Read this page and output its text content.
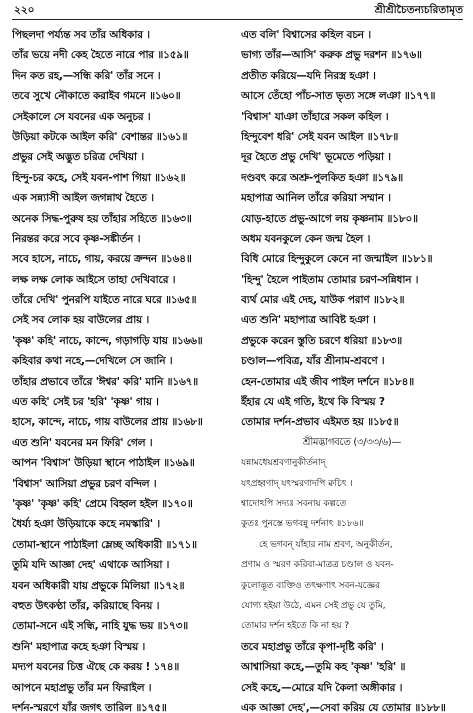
২২০	শ্রীশ্রীচৈতন্যচরিতামৃত
পিছলদা পর্য্যন্ত সব তাঁর অধিকার ।
তাঁর ভয়ে নদী কেহ হৈতে নারে পার ॥১৫৯॥
দিন কত রহ,—সন্ধি করি' তাঁর সনে ।
তবে সুখে নৌকাতে করাইব গমনে ॥১৬০॥
সেইকালে সে যবনের এক অনুচর ।
উড়িয়া কটকে আইল করি' বেশান্তর ॥১৬১॥
প্রভুর সেই অদ্ভুত চরিত্র দেখিয়া ।
হিন্দু-চর কহে, সেই যবন-পাশ গিয়া ॥১৬২॥
এক সন্ন্যাসী আইল জগন্নাথ হৈতে ।
অনেক সিদ্ধ-পুরুষ হয় তাঁহার সহিতে ॥১৬৩॥
নিরন্তর করে সবে কৃষ্ণ-সঙ্কীর্তন ।
সবে হাসে, নাচে, গায়, করয়ে ক্রন্দন ॥১৬৪॥
লক্ষ লক্ষ লোক আইসে তাহা দেখিবারে ।
তাঁরে দেখি' পুনরপি যাইতে নারে ঘরে ॥১৬৫॥
সেই সব লোক হয় বাউলের প্রায় ।
'কৃষ্ণ' কহি' নাচে, কান্দে, গড়াগড়ি যায় ॥১৬৬॥
কহিবার কথা নহে,—দেখিলে সে জানি ।
তাঁহার প্রভাবে তাঁরে 'ঈশ্বর' করি' মানি ॥১৬৭॥
এত কহি' সেই চর 'হরি' 'কৃষ্ণ' গায় ।
হাসে, কান্দে, নাচে, গায় বাউলের প্রায় ॥১৬৮॥
এত শুনি' যবনের মন ফিরি' গেল ।
আপন 'বিশ্বাস' উড়িয়া স্থানে পাঠাইল ॥১৬৯॥
'বিশ্বাস' আসিয়া প্রভুর চরণ বন্দিল ।
'কৃষ্ণ' 'কৃষ্ণ' কহি' প্রেমে বিহ্বল হইল ॥১৭০॥
ধৈর্য্য হঞা উড়িয়াকে কহে নমস্কারি' ।
তোমা-স্থানে পাঠাইলা ম্লেচ্ছ অধিকারী ॥১৭১॥
তুমি যদি আজ্ঞা দেহ' এথাকে আসিয়া ।
যবন অধিকারী যায় প্রভুকে মিলিয়া ॥১৭২॥
বহুত উৎকণ্ঠা তাঁর, করিয়াছে বিনয় ।
তোমা-সনে এই সন্ধি, নাহি যুদ্ধ ভয় ॥১৭৩॥
শুনি' মহাপাত্র কহে হঞা বিস্ময় ।
মদ্যপ যবনের চিত্ত ঐছে কে করয় ! ১৭৪॥
আপনে মহাপ্রভু তাঁর মন ফিরাইল ।
দর্শন-স্মরণে যাঁর জগৎ তারিল ॥১৭৫॥
এত বলি' বিশ্বাসের কহিল বচন ।
ভাগ্য তাঁর—আসি' করুক প্রভু দরশন ॥১৭৬॥
প্রতীত করিয়ে—যদি নিরস্ত্র হঞা ।
আসে তেঁহো পাঁচ-সাত ভৃত্য সঙ্গে লঞা ॥১৭৭॥
'বিশ্বাস' যাঞা তাঁহারে সকল কহিল ।
হিন্দুবেশ ধরি' সেই যবন আইল ॥১৭৮॥
দূর হৈতে প্রভু দেখি' ভূমেতে পড়িয়া ।
দণ্ডবৎ করে অশ্রু-পুলকিত হঞা ॥১৭৯॥
মহাপাত্র আনিল তাঁরে করিয়া সম্মান ।
যোড়-হাতে প্রভু-আগে লয় কৃষ্ণনাম ॥১৮০॥
অধম যবনকুলে কেন জন্ম হৈল ।
বিধি মোরে হিন্দুকুলে কেনে না জন্মাইল ॥১৮১॥
'হিন্দু' হৈলে পাইতাম তোমার চরণ-সন্নিধান ।
ব্যর্থ মোর এই দেহ, যাউক পরাণ ॥১৮২॥
এত শুনি' মহাপাত্র আবিষ্ট হঞা ।
প্রভুকে করেন স্তুতি চরণে ধরিয়া ॥১৮৩॥
চণ্ডাল—পবিত্র, যাঁর শ্রীনাম-শ্রবণে ।
হেন-তোমার এই জীব পাইল দর্শনে ॥১৮৪॥
ইঁহার যে এই গতি, ইথে কি বিস্ময় ?
তোমার দর্শন-প্রভাব এইমত হয় ॥১৮৫॥
শ্রীমদ্ভাগবতে (৩/৩৩/৬)—
যন্নামধেয়শ্রবণানুকীর্তনাদ্
যৎপ্রহ্বণাদ্ যৎস্মরণাদপি ক্বচিৎ ।
শ্বাদোঽপি সদ্যঃ সবনায় কল্পতে
কুতঃ পুনস্তে ভগবন্নু দর্শনাৎ ॥১৮৬॥
হে ভগবন্ যাঁহার নাম শ্রবণ, অনুকীর্তন,
প্রণাম ও স্মরণ করিবা-মাত্রত্র চণ্ডাল ও যবন-
কুলোদ্ভূত ব্যক্তিও তৎক্ষণাৎ সবন-যজ্ঞের
যোগ্য হইয়া উঠে, এমন সেই প্রভু যে তুমি,
তোমার দর্শন হইতে কি না হয় ?
তবে মহাপ্রভু তাঁরে কৃপা-দৃষ্টি করি' ।
আশ্বাসিয়া কহে,—তুমি কহ 'কৃষ্ণ' 'হরি' ॥
সেই কহে,—মোরে যদি কৈলা অঙ্গীকার ।
এক আজ্ঞা দেহ',—সেবা করিয় যে তোমার ॥১৮৮॥
